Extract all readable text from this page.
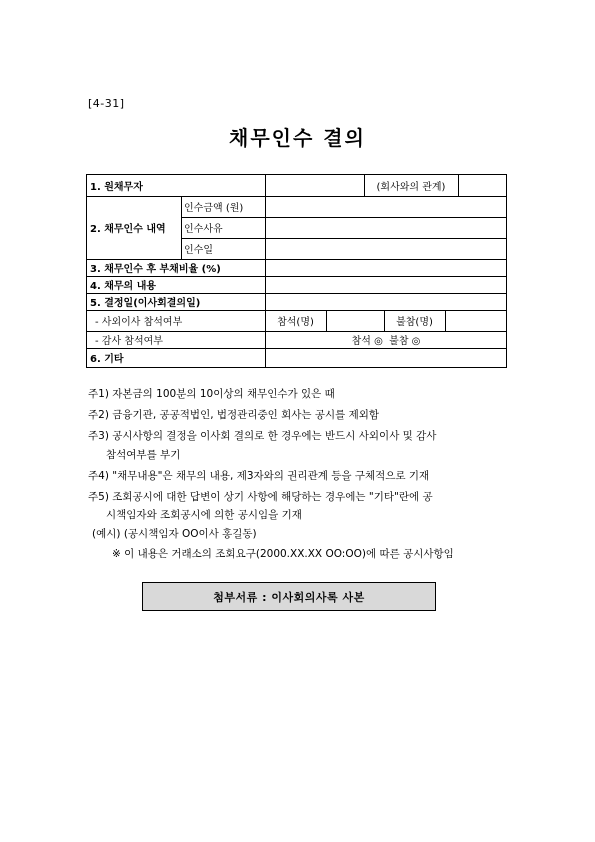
[4-31]
채무인수 결의
1. 원채무자	(회사와의 관계)
2. 채무인수 내역
인수금액 (원)
인수사유
인수일
3. 채무인수 후 부채비율 (%)
4. 채무의 내용
5. 결정일(이사회결의일)
- 사외이사 참석여부	참석(명)	불참(명)
- 감사 참석여부	참석 ◎  불참 ◎
6. 기타
주1) 자본금의 100분의 10이상의 채무인수가 있은 때
주2) 금융기관, 공공적법인, 법정관리중인 회사는 공시를 제외함
주3) 공시사항의 결정을 이사회 결의로 한 경우에는 반드시 사외이사 및 감사
참석여부를 부기
주4) "채무내용"은 채무의 내용, 제3자와의 권리관계 등을 구체적으로 기재
주5) 조회공시에 대한 답변이 상기 사항에 해당하는 경우에는 "기타"란에 공
시책임자와 조회공시에 의한 공시임을 기재
(예시) (공시책임자 OO이사 홍길동)
※ 이 내용은 거래소의 조회요구(2000.XX.XX OO:OO)에 따른 공시사항임
첨부서류 : 이사회의사록 사본
